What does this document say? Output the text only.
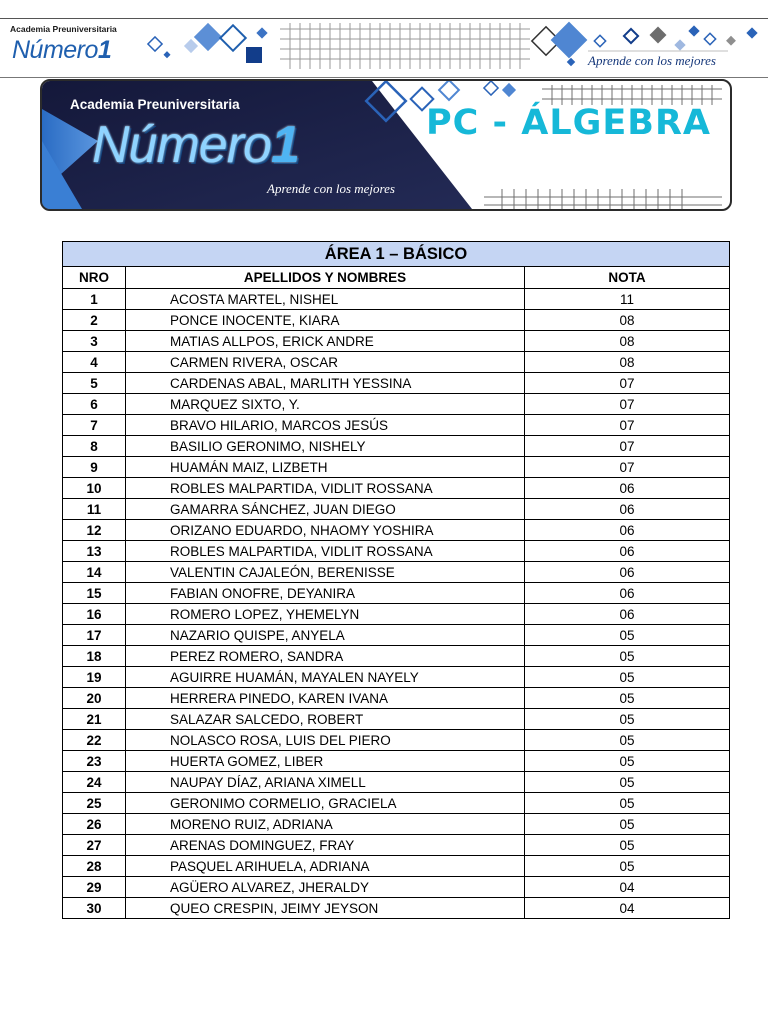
Academia Preuniversitaria
Número1	Aprende con los mejores
Academia Preuniversitaria
Número1
Aprende con los mejores
PC - ÁLGEBRA
ÁREA 1 – BÁSICO		
NRO	APELLIDOS Y NOMBRES	NOTA
1	ACOSTA MARTEL, NISHEL	11
2	PONCE INOCENTE, KIARA	08
3	MATIAS ALLPOS, ERICK ANDRE	08
4	CARMEN RIVERA, OSCAR	08
5	CARDENAS ABAL, MARLITH YESSINA	07
6	MARQUEZ SIXTO, Y.	07
7	BRAVO HILARIO, MARCOS JESÚS	07
8	BASILIO GERONIMO, NISHELY	07
9	HUAMÁN MAIZ, LIZBETH	07
10	ROBLES MALPARTIDA, VIDLIT ROSSANA	06
11	GAMARRA SÁNCHEZ, JUAN DIEGO	06
12	ORIZANO EDUARDO, NHAOMY YOSHIRA	06
13	ROBLES MALPARTIDA, VIDLIT ROSSANA	06
14	VALENTIN CAJALEÓN, BERENISSE	06
15	FABIAN ONOFRE, DEYANIRA	06
16	ROMERO LOPEZ, YHEMELYN	06
17	NAZARIO QUISPE, ANYELA	05
18	PEREZ ROMERO, SANDRA	05
19	AGUIRRE HUAMÁN, MAYALEN NAYELY	05
20	HERRERA PINEDO, KAREN IVANA	05
21	SALAZAR SALCEDO, ROBERT	05
22	NOLASCO ROSA, LUIS DEL PIERO	05
23	HUERTA GOMEZ, LIBER	05
24	NAUPAY DÍAZ, ARIANA XIMELL	05
25	GERONIMO CORMELIO, GRACIELA	05
26	MORENO RUIZ, ADRIANA	05
27	ARENAS DOMINGUEZ, FRAY	05
28	PASQUEL ARIHUELA, ADRIANA	05
29	AGÜERO ALVAREZ, JHERALDY	04
30	QUEO CRESPIN, JEIMY JEYSON	04
